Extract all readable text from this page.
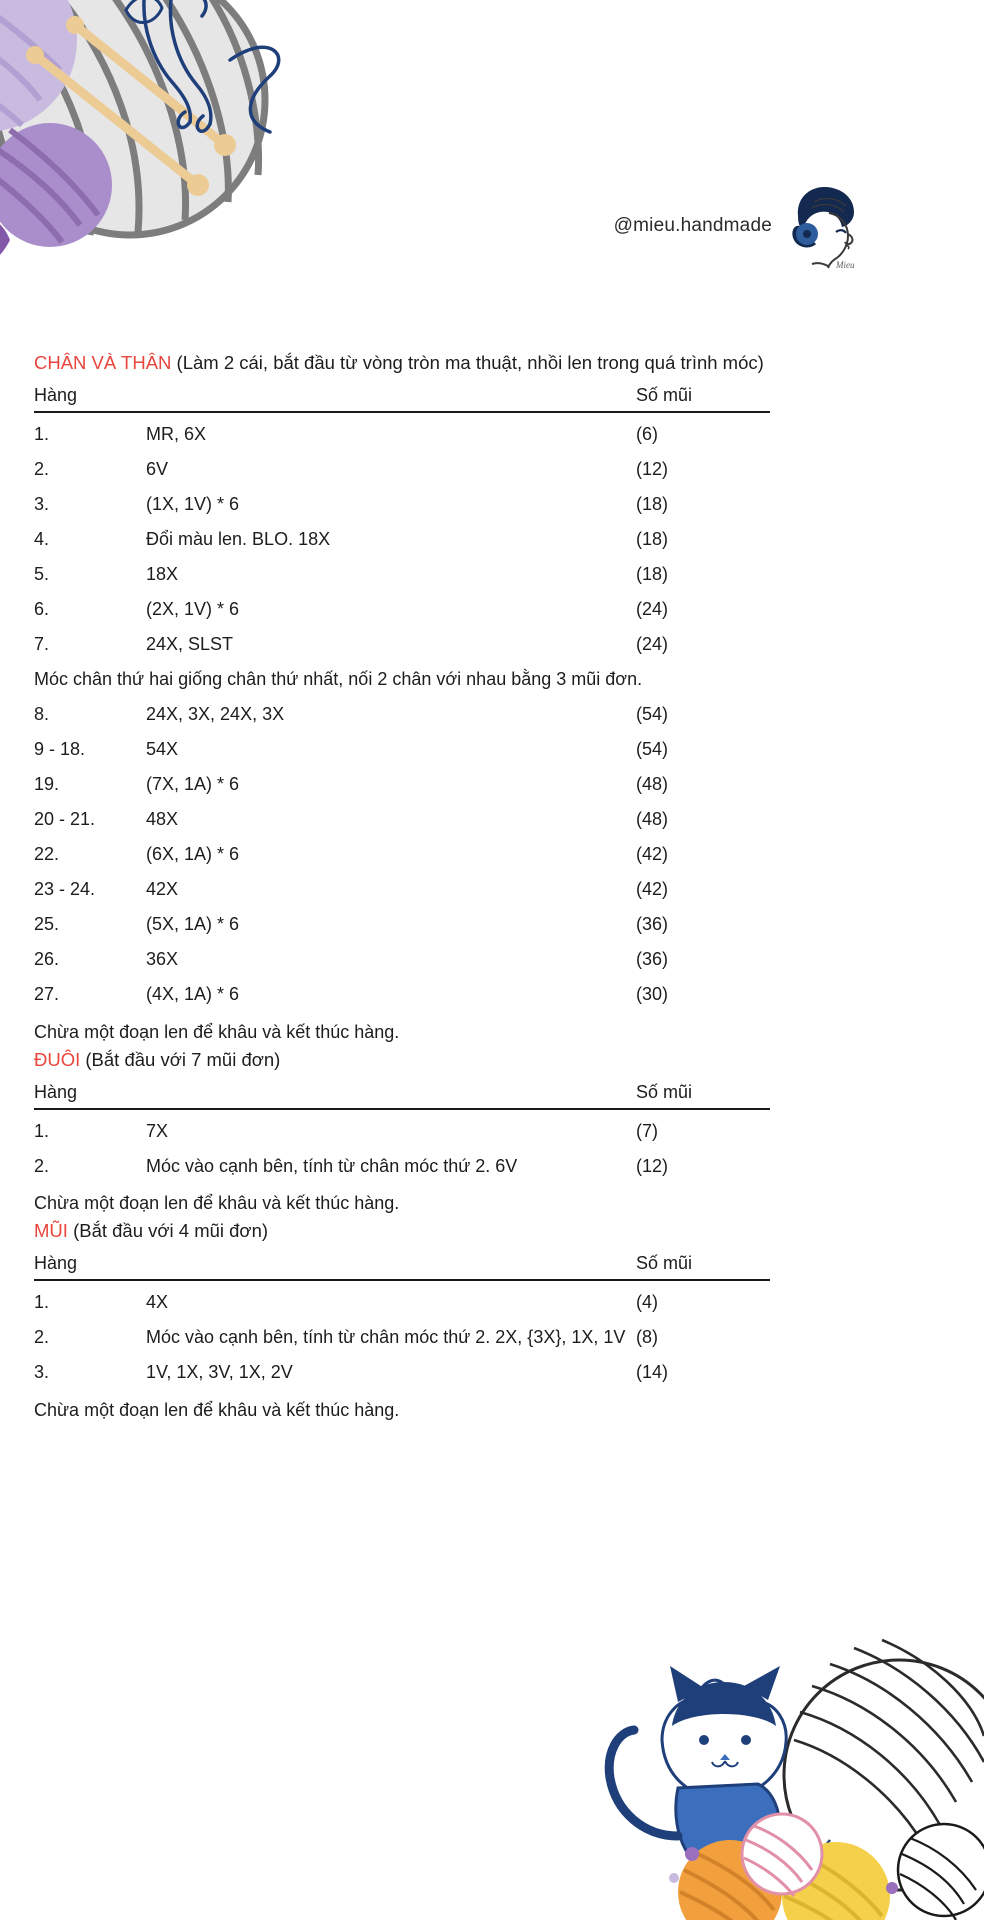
@mieu.handmade
Mieu
CHÂN VÀ THÂN (Làm 2 cái, bắt đầu từ vòng tròn ma thuật, nhồi len trong quá trình móc)
Hàng		Số mũi
1.	MR, 6X	(6)
2.	6V	(12)
3.	(1X, 1V) * 6	(18)
4.	Đổi màu len. BLO. 18X	(18)
5.	18X	(18)
6.	(2X, 1V) * 6	(24)
7.	24X, SLST	(24)
Móc chân thứ hai giống chân thứ nhất, nối 2 chân với nhau bằng 3 mũi đơn.		
8.	24X, 3X, 24X, 3X	(54)
9 - 18.	54X	(54)
19.	(7X, 1A) * 6	(48)
20 - 21.	48X	(48)
22.	(6X, 1A) * 6	(42)
23 - 24.	42X	(42)
25.	(5X, 1A) * 6	(36)
26.	36X	(36)
27.	(4X, 1A) * 6	(30)
Chừa một đoạn len để khâu và kết thúc hàng.
ĐUÔI (Bắt đầu với 7 mũi đơn)
Hàng		Số mũi
1.	7X	(7)
2.	Móc vào cạnh bên, tính từ chân móc thứ 2. 6V	(12)
Chừa một đoạn len để khâu và kết thúc hàng.
MŨI (Bắt đầu với 4 mũi đơn)
Hàng		Số mũi
1.	4X	(4)
2.	Móc vào cạnh bên, tính từ chân móc thứ 2. 2X, {3X}, 1X, 1V	(8)
3.	1V, 1X, 3V, 1X, 2V	(14)
Chừa một đoạn len để khâu và kết thúc hàng.
